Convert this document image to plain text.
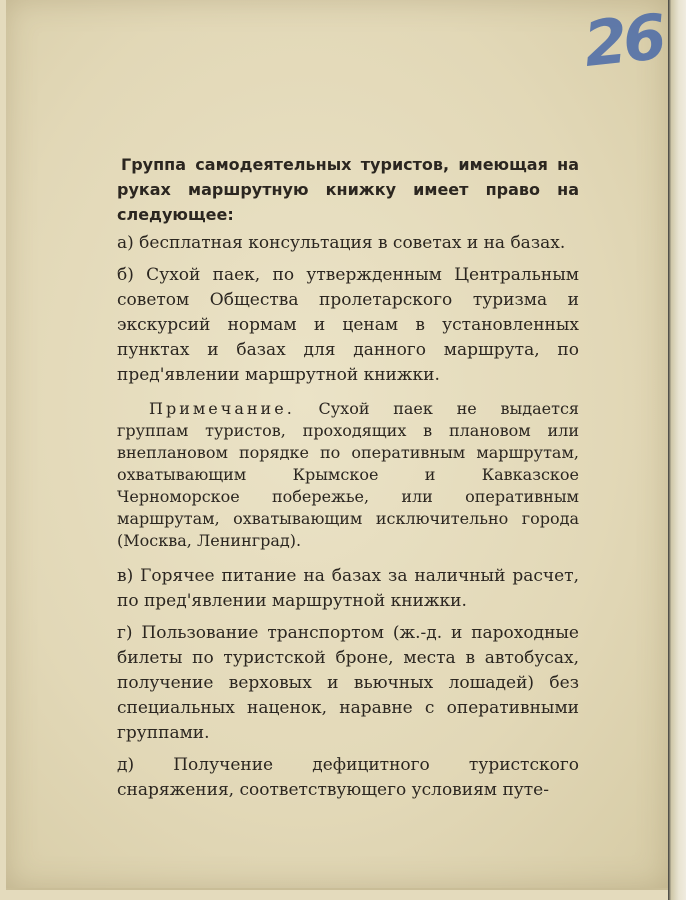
26

Группа самодеятельных туристов, имеющая на руках маршрутную книжку имеет право на следующее:

а) бесплатная консультация в советах и на базах.

б) Сухой паек, по утвержденным Центральным советом Общества пролетарского туризма и экскурсий нормам и ценам в установленных пунктах и базах для данного маршрута, по пред'явлении маршрутной книжки.

Примечание. Сухой паек не выдается группам туристов, проходящих в плановом или внеплановом порядке по оперативным маршрутам, охватывающим Крымское и Кавказское Черноморское побережье, или оперативным маршрутам, охватывающим исключительно города (Москва, Ленинград).

в) Горячее питание на базах за наличный расчет, по пред'явлении маршрутной книжки.

г) Пользование транспортом (ж.-д. и пароходные билеты по туристской броне, места в автобусах, получение верховых и вьючных лошадей) без специальных наценок, наравне с оперативными группами.

д) Получение дефицитного туристского снаряжения, соответствующего условиям путе-
